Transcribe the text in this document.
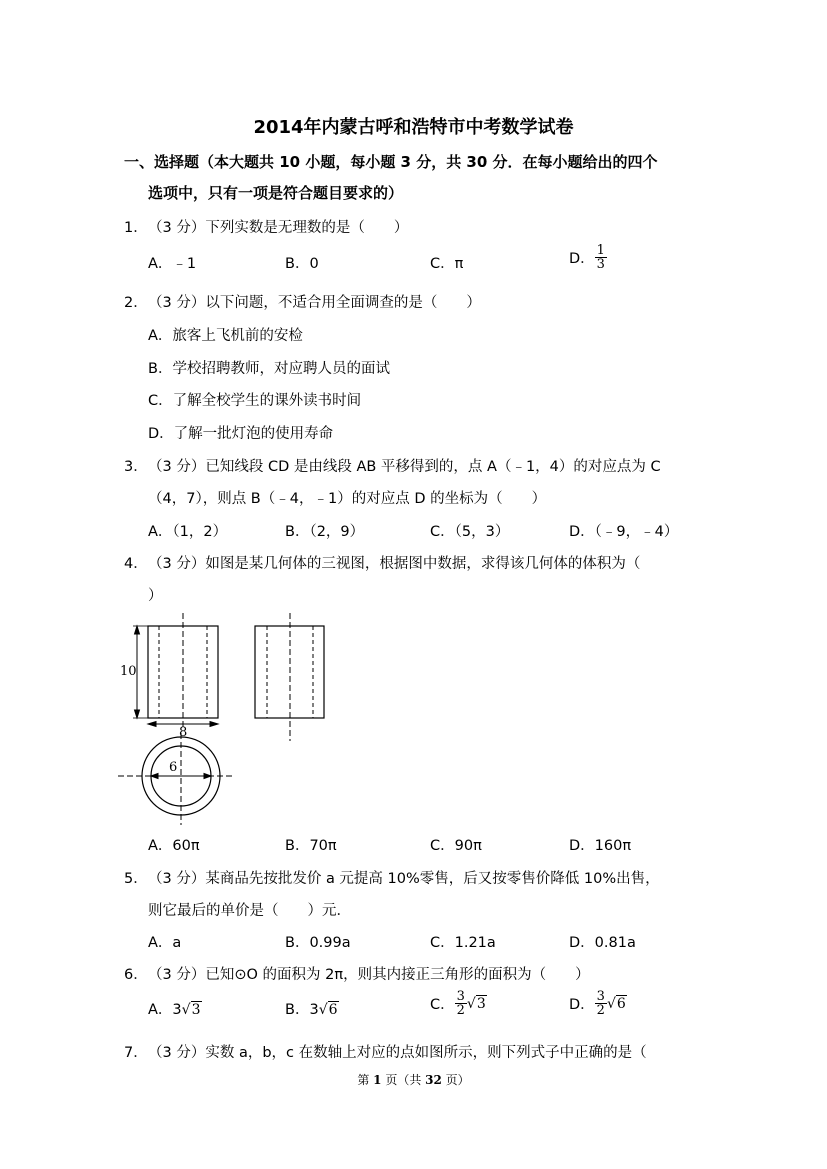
2014年内蒙古呼和浩特市中考数学试卷
一、选择题（本大题共 10 小题，每小题 3 分，共 30 分．在每小题给出的四个
选项中，只有一项是符合题目要求的）
1． （3 分）下列实数是无理数的是（　　）
A．﹣1	B．0	C．π	D． $\frac{1}{3}$
2． （3 分）以下问题，不适合用全面调查的是（　　）
A．旅客上飞机前的安检
B．学校招聘教师，对应聘人员的面试
C．了解全校学生的课外读书时间
D．了解一批灯泡的使用寿命
3． （3 分）已知线段 CD 是由线段 AB 平移得到的，点 A（﹣1，4）的对应点为 C
（4，7），则点 B（﹣4，﹣1）的对应点 D 的坐标为（　　）
A．（1，2）	B．（2，9）	C．（5，3）	D．（﹣9，﹣4）
4． （3 分）如图是某几何体的三视图，根据图中数据，求得该几何体的体积为（
）
10
8
6
A．60π	B．70π	C．90π	D．160π
5． （3 分）某商品先按批发价 a 元提高 10%零售，后又按零售价降低 10%出售，
则它最后的单价是（　　）元．
A．a	B．0.99a	C．1.21a	D．0.81a
6． （3 分）已知⊙O 的面积为 2π，则其内接正三角形的面积为（　　）
A．3√3	B．3√6	C． $\frac{3}{2} √3$	D． $\frac{3}{2} √6$
7． （3 分）实数 a，b，c 在数轴上对应的点如图所示，则下列式子中正确的是（
第 1 页（共 32 页）
